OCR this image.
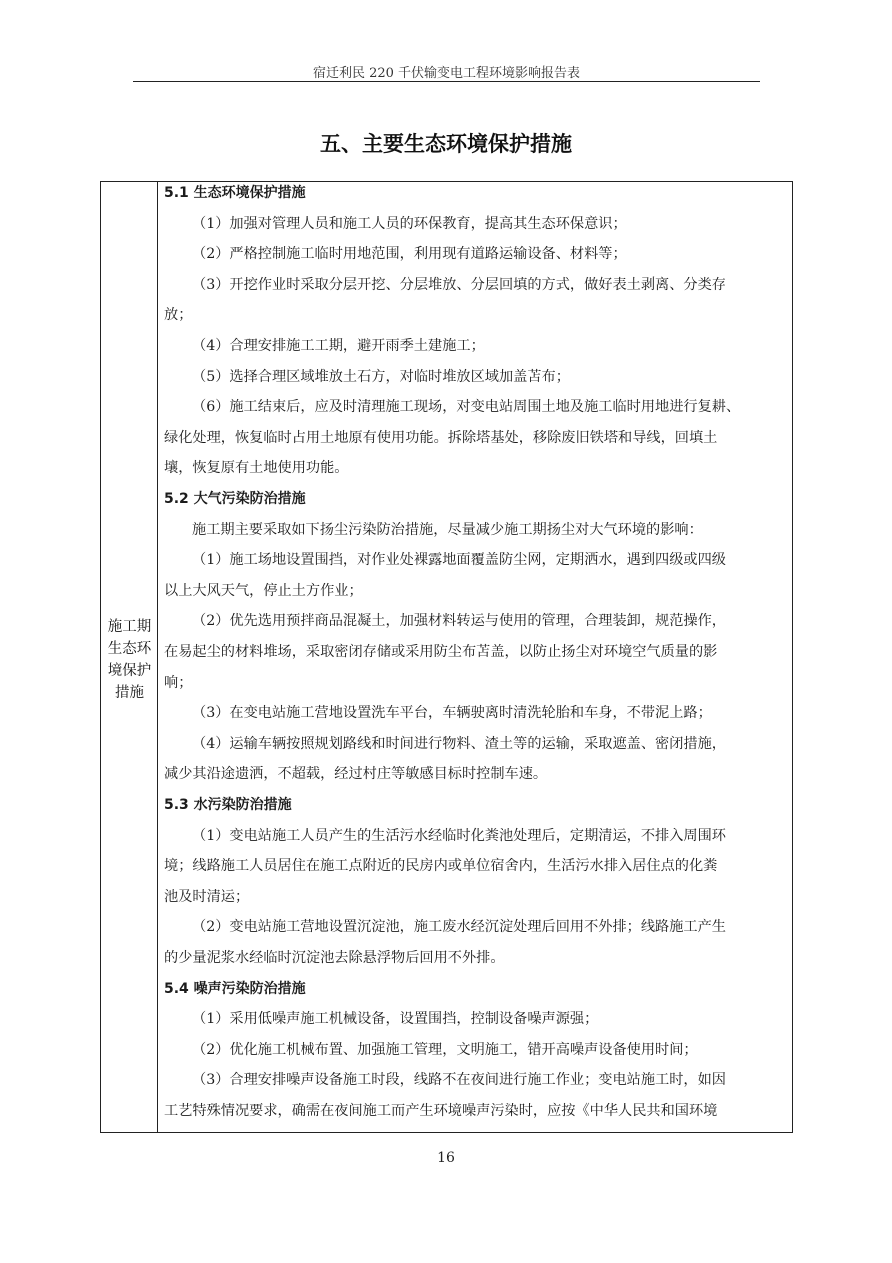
宿迁利民 220 千伏输变电工程环境影响报告表
五、主要生态环境保护措施
施工期
生态环
境保护
措施
5.1 生态环境保护措施
（1）加强对管理人员和施工人员的环保教育，提高其生态环保意识；
（2）严格控制施工临时用地范围，利用现有道路运输设备、材料等；
（3）开挖作业时采取分层开挖、分层堆放、分层回填的方式，做好表土剥离、分类存
放；
（4）合理安排施工工期，避开雨季土建施工；
（5）选择合理区域堆放土石方，对临时堆放区域加盖苫布；
（6）施工结束后，应及时清理施工现场，对变电站周围土地及施工临时用地进行复耕、
绿化处理，恢复临时占用土地原有使用功能。拆除塔基处，移除废旧铁塔和导线，回填土
壤，恢复原有土地使用功能。
5.2 大气污染防治措施
施工期主要采取如下扬尘污染防治措施，尽量减少施工期扬尘对大气环境的影响：
（1）施工场地设置围挡，对作业处裸露地面覆盖防尘网，定期洒水，遇到四级或四级
以上大风天气，停止土方作业；
（2）优先选用预拌商品混凝土，加强材料转运与使用的管理，合理装卸，规范操作，
在易起尘的材料堆场，采取密闭存储或采用防尘布苫盖，以防止扬尘对环境空气质量的影
响；
（3）在变电站施工营地设置洗车平台，车辆驶离时清洗轮胎和车身，不带泥上路；
（4）运输车辆按照规划路线和时间进行物料、渣土等的运输，采取遮盖、密闭措施，
减少其沿途遗洒，不超载，经过村庄等敏感目标时控制车速。
5.3 水污染防治措施
（1）变电站施工人员产生的生活污水经临时化粪池处理后，定期清运，不排入周围环
境；线路施工人员居住在施工点附近的民房内或单位宿舍内，生活污水排入居住点的化粪
池及时清运；
（2）变电站施工营地设置沉淀池，施工废水经沉淀处理后回用不外排；线路施工产生
的少量泥浆水经临时沉淀池去除悬浮物后回用不外排。
5.4 噪声污染防治措施
（1）采用低噪声施工机械设备，设置围挡，控制设备噪声源强；
（2）优化施工机械布置、加强施工管理，文明施工，错开高噪声设备使用时间；
（3）合理安排噪声设备施工时段，线路不在夜间进行施工作业；变电站施工时，如因
工艺特殊情况要求，确需在夜间施工而产生环境噪声污染时，应按《中华人民共和国环境
16
